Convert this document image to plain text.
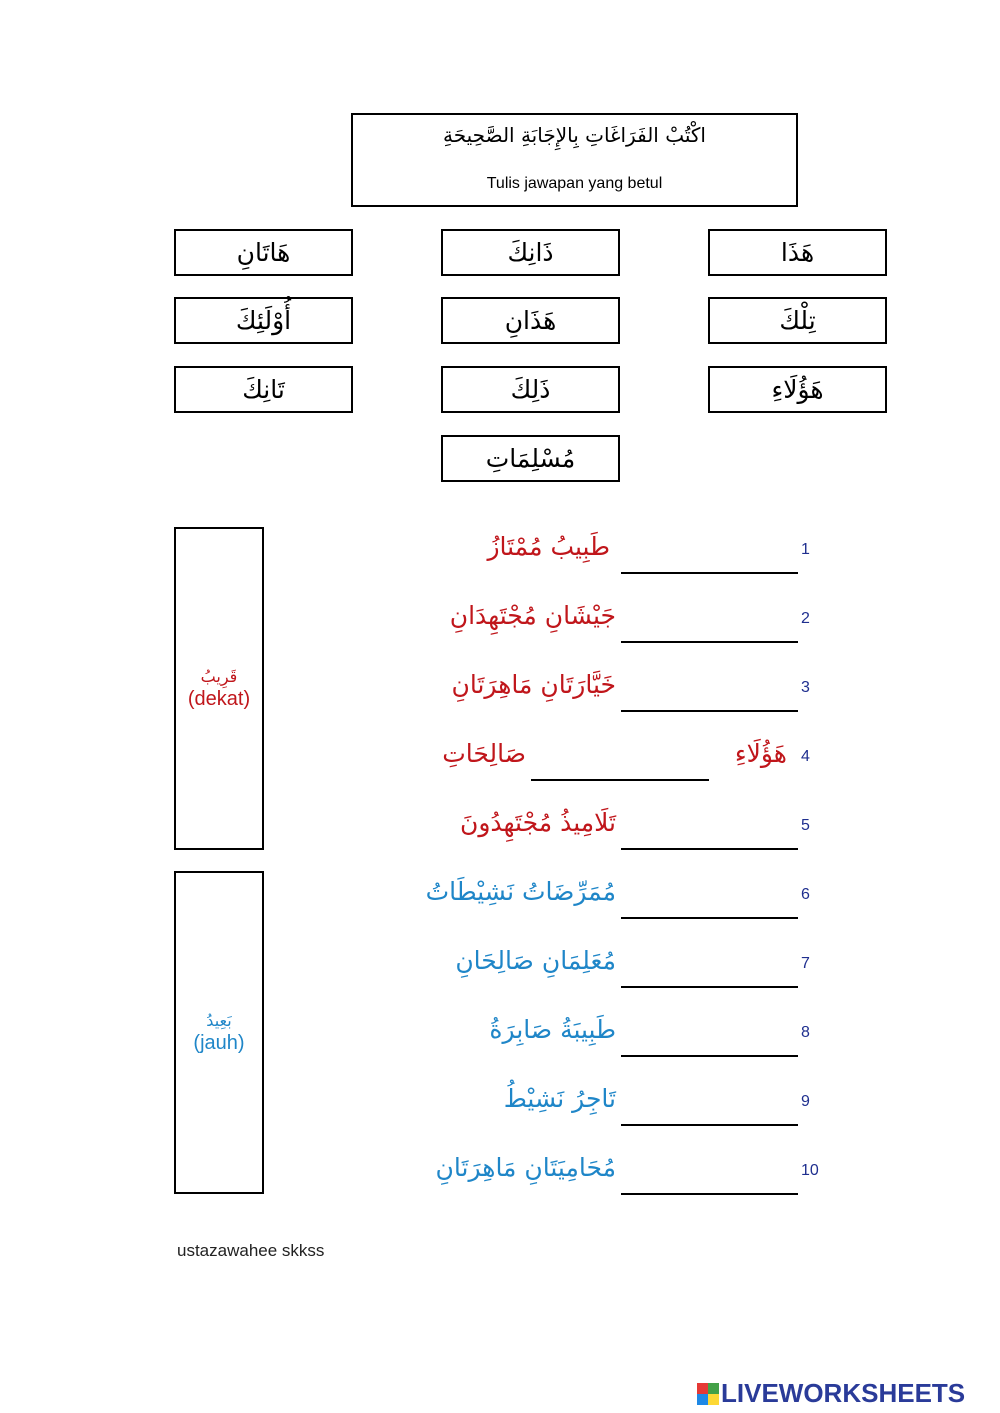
اكْتُبْ الفَرَاغَاتِ بِالإِجَابَةِ الصَّحِيحَةِ
Tulis jawapan yang betul
هَذَا
ذَانِكَ
هَاتَانِ
تِلْكَ
هَذَانِ
أُوْلَئِكَ
هَؤُلَاءِ
ذَلِكَ
تَانِكَ
مُسْلِمَاتِ
قَرِيبُ
(dekat)
بَعِيدُ
(jauh)
1
طَبِيبُ مُمْتَازُ
2
جَيْشَانِ مُجْتَهِدَانِ
3
خَيَّارَتَانِ مَاهِرَتَانِ
4
هَؤُلَاءِ
صَالِحَاتِ
5
تَلَامِيذُ مُجْتَهِدُونَ
6
مُمَرِّضَاتُ نَشِيْطَاتُ
7
مُعَلِمَانِ صَالِحَانِ
8
طَبِيبَةُ صَابِرَةُ
9
تَاجِرُ نَشِيْطُ
10
مُحَامِيَتَانِ مَاهِرَتَانِ
ustazawahee skkss
LIVEWORKSHEETS
